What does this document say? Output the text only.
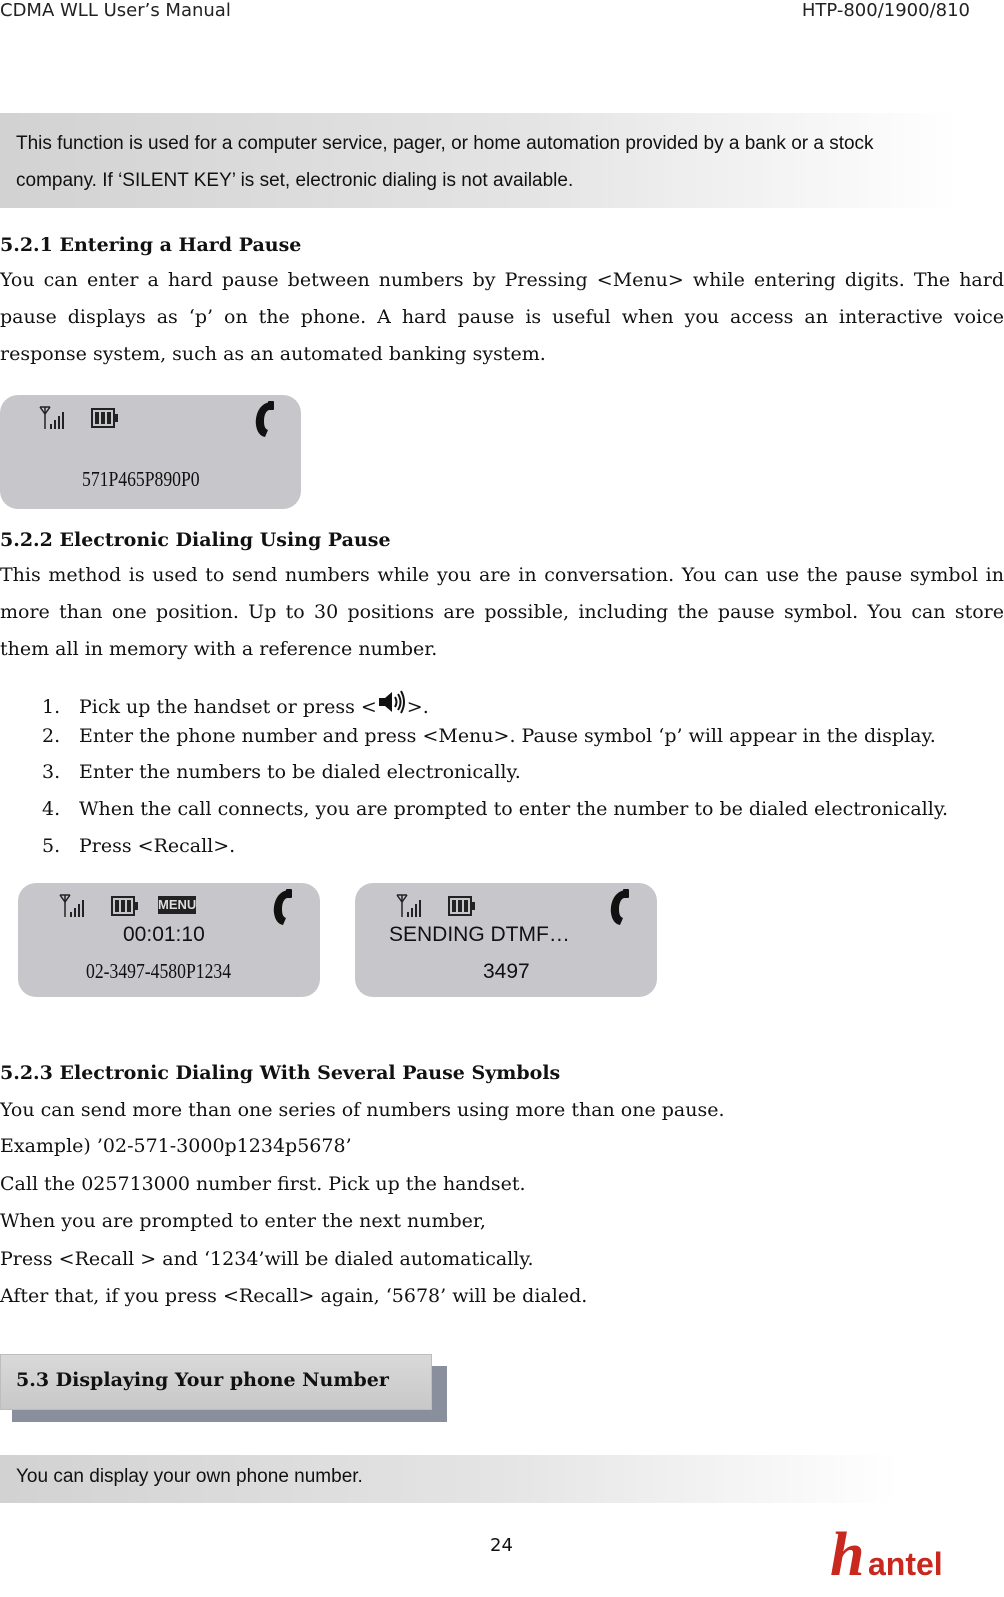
CDMA WLL User’s Manual	HTP-800/1900/810
This function is used for a computer service, pager, or home automation provided by a bank or a stock
company. If ‘SILENT KEY’ is set, electronic dialing is not available.
5.2.1 Entering a Hard Pause
You can enter a hard pause between numbers by Pressing <Menu> while entering digits. The hard pause displays as ‘p’ on the phone. A hard pause is useful when you access an interactive voice response system, such as an automated banking system.
571P465P890P0
5.2.2 Electronic Dialing Using Pause
This method is used to send numbers while you are in conversation. You can use the pause symbol in more than one position. Up to 30 positions are possible, including the pause symbol. You can store them all in memory with a reference number.
1. Pick up the handset or press < >.
2. Enter the phone number and press <Menu>. Pause symbol ‘p’ will appear in the display.
3. Enter the numbers to be dialed electronically.
4. When the call connects, you are prompted to enter the number to be dialed electronically.
5. Press <Recall>.
MENU
00:01:10
02-3497-4580P1234
SENDING DTMF…
3497
5.2.3 Electronic Dialing With Several Pause Symbols
You can send more than one series of numbers using more than one pause.
Example) ’02-571-3000p1234p5678’
Call the 025713000 number first. Pick up the handset.
When you are prompted to enter the next number,
Press <Recall > and ‘1234’will be dialed automatically.
After that, if you press <Recall> again, ‘5678’ will be dialed.
5.3 Displaying Your phone Number
You can display your own phone number.
24	h antel
